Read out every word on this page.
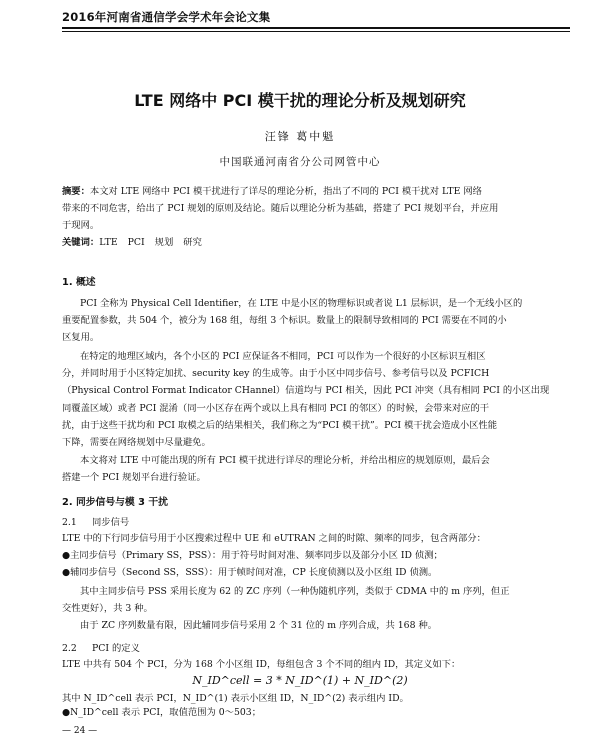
2016年河南省通信学会学术年会论文集
LTE 网络中 PCI 模干扰的理论分析及规划研究
汪锋 葛中魁
中国联通河南省分公司网管中心
摘要：本文对 LTE 网络中 PCI 模干扰进行了详尽的理论分析，指出了不同的 PCI 模干扰对 LTE 网络
带来的不同危害，给出了 PCI 规划的原则及结论。随后以理论分析为基础，搭建了 PCI 规划平台，并应用
于现网。
关键词：LTE PCI 规划 研究
1. 概述
PCI 全称为 Physical Cell Identifier，在 LTE 中是小区的物理标识或者说 L1 层标识，是一个无线小区的
重要配置参数，共 504 个，被分为 168 组，每组 3 个标识。数量上的限制导致相同的 PCI 需要在不同的小
区复用。
在特定的地理区域内，各个小区的 PCI 应保证各不相同，PCI 可以作为一个很好的小区标识互相区
分，并同时用于小区特定加扰、security key 的生成等。由于小区中同步信号、参考信号以及 PCFICH
（Physical Control Format Indicator CHannel）信道均与 PCI 相关，因此 PCI 冲突（具有相同 PCI 的小区出现
同覆盖区域）或者 PCI 混淆（同一小区存在两个或以上具有相同 PCI 的邻区）的时候，会带来对应的干
扰，由于这些干扰均和 PCI 取模之后的结果相关，我们称之为“PCI 模干扰”。PCI 模干扰会造成小区性能
下降，需要在网络规划中尽量避免。
本文将对 LTE 中可能出现的所有 PCI 模干扰进行详尽的理论分析，并给出相应的规划原则，最后会
搭建一个 PCI 规划平台进行验证。
2. 同步信号与模 3 干扰
2.1 同步信号
LTE 中的下行同步信号用于小区搜索过程中 UE 和 eUTRAN 之间的时隙、频率的同步，包含两部分：
●主同步信号（Primary SS，PSS）：用于符号时间对准、频率同步以及部分小区 ID 侦测；
●辅同步信号（Second SS，SSS）：用于帧时间对准，CP 长度侦测以及小区组 ID 侦测。
其中主同步信号 PSS 采用长度为 62 的 ZC 序列（一种伪随机序列，类似于 CDMA 中的 m 序列，但正
交性更好），共 3 种。
由于 ZC 序列数量有限，因此辅同步信号采用 2 个 31 位的 m 序列合成，共 168 种。
2.2 PCI 的定义
LTE 中共有 504 个 PCI，分为 168 个小区组 ID，每组包含 3 个不同的组内 ID，其定义如下：
N_ID^cell = 3 * N_ID^(1) + N_ID^(2)
其中 N_ID^cell 表示 PCI，N_ID^(1) 表示小区组 ID，N_ID^(2) 表示组内 ID。
●N_ID^cell 表示 PCI，取值范围为 0～503；
— 24 —
